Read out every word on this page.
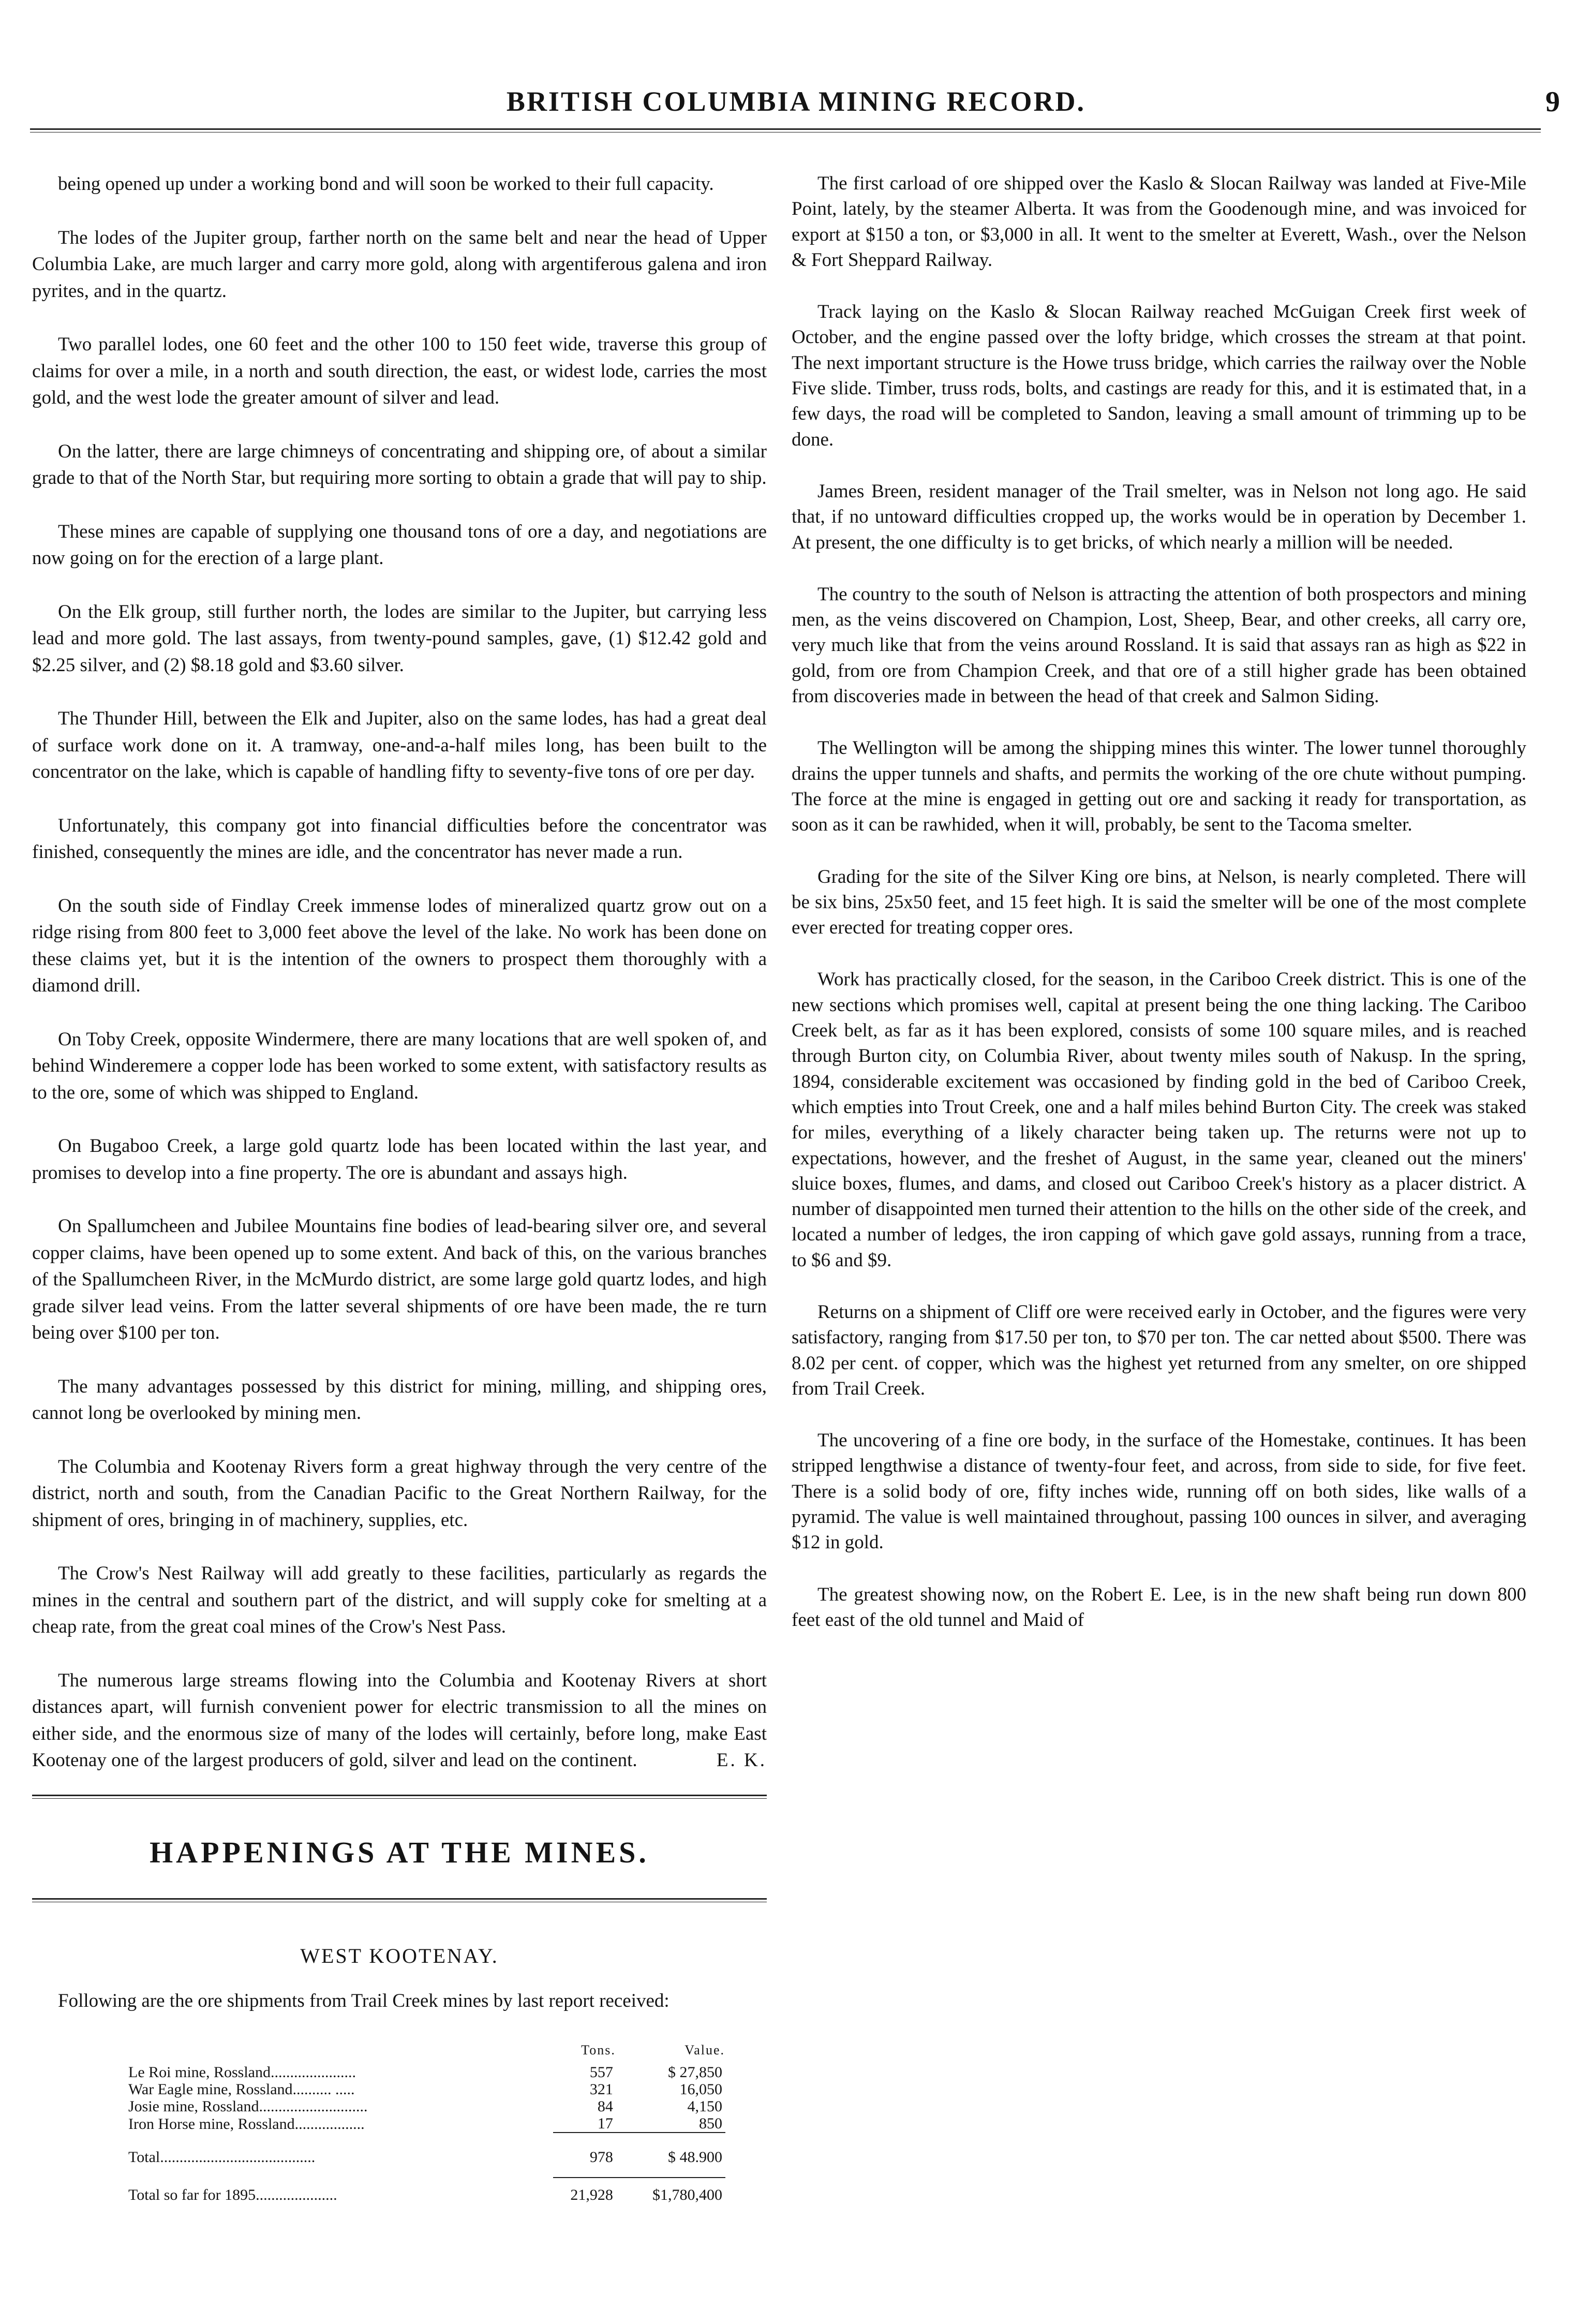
BRITISH COLUMBIA MINING RECORD.	9

being opened up under a working bond and will soon be worked to their full capacity.

The lodes of the Jupiter group, farther north on the same belt and near the head of Upper Columbia Lake, are much larger and carry more gold, along with argentiferous galena and iron pyrites, and in the quartz.

Two parallel lodes, one 60 feet and the other 100 to 150 feet wide, traverse this group of claims for over a mile, in a north and south direction, the east, or widest lode, carries the most gold, and the west lode the greater amount of silver and lead.

On the latter, there are large chimneys of concentrating and shipping ore, of about a similar grade to that of the North Star, but requiring more sorting to obtain a grade that will pay to ship.

These mines are capable of supplying one thousand tons of ore a day, and negotiations are now going on for the erection of a large plant.

On the Elk group, still further north, the lodes are similar to the Jupiter, but carrying less lead and more gold. The last assays, from twenty-pound samples, gave, (1) $12.42 gold and $2.25 silver, and (2) $8.18 gold and $3.60 silver.

The Thunder Hill, between the Elk and Jupiter, also on the same lodes, has had a great deal of surface work done on it. A tramway, one-and-a-half miles long, has been built to the concentrator on the lake, which is capable of handling fifty to seventy-five tons of ore per day.

Unfortunately, this company got into financial difficulties before the concentrator was finished, consequently the mines are idle, and the concentrator has never made a run.

On the south side of Findlay Creek immense lodes of mineralized quartz grow out on a ridge rising from 800 feet to 3,000 feet above the level of the lake. No work has been done on these claims yet, but it is the intention of the owners to prospect them thoroughly with a diamond drill.

On Toby Creek, opposite Windermere, there are many locations that are well spoken of, and behind Winderemere a copper lode has been worked to some extent, with satisfactory results as to the ore, some of which was shipped to England.

On Bugaboo Creek, a large gold quartz lode has been located within the last year, and promises to develop into a fine property. The ore is abundant and assays high.

On Spallumcheen and Jubilee Mountains fine bodies of lead-bearing silver ore, and several copper claims, have been opened up to some extent. And back of this, on the various branches of the Spallumcheen River, in the McMurdo district, are some large gold quartz lodes, and high grade silver lead veins. From the latter several shipments of ore have been made, the re turn being over $100 per ton.

The many advantages possessed by this district for mining, milling, and shipping ores, cannot long be overlooked by mining men.

The Columbia and Kootenay Rivers form a great highway through the very centre of the district, north and south, from the Canadian Pacific to the Great Northern Railway, for the shipment of ores, bringing in of machinery, supplies, etc.

The Crow's Nest Railway will add greatly to these facilities, particularly as regards the mines in the central and southern part of the district, and will supply coke for smelting at a cheap rate, from the great coal mines of the Crow's Nest Pass.

The numerous large streams flowing into the Columbia and Kootenay Rivers at short distances apart, will furnish convenient power for electric transmission to all the mines on either side, and the enormous size of many of the lodes will certainly, before long, make East Kootenay one of the largest producers of gold, silver and lead on the continent.	E. K.

HAPPENINGS AT THE MINES.
WEST KOOTENAY.

Following are the ore shipments from Trail Creek mines by last report received:

	Tons.	Value.
Le Roi mine, Rossland......................	557	$ 27,850
War Eagle mine, Rossland.......... .....	321	16,050
Josie mine, Rossland............................	84	4,150
Iron Horse mine, Rossland..................	17	850
Total........................................	978	$ 48.900
Total so far for 1895.....................	21,928	$1,780,400

The first carload of ore shipped over the Kaslo & Slocan Railway was landed at Five-Mile Point, lately, by the steamer Alberta. It was from the Goodenough mine, and was invoiced for export at $150 a ton, or $3,000 in all. It went to the smelter at Everett, Wash., over the Nelson & Fort Sheppard Railway.

Track laying on the Kaslo & Slocan Railway reached McGuigan Creek first week of October, and the engine passed over the lofty bridge, which crosses the stream at that point. The next important structure is the Howe truss bridge, which carries the railway over the Noble Five slide. Timber, truss rods, bolts, and castings are ready for this, and it is estimated that, in a few days, the road will be completed to Sandon, leaving a small amount of trimming up to be done.

James Breen, resident manager of the Trail smelter, was in Nelson not long ago. He said that, if no untoward difficulties cropped up, the works would be in operation by December 1. At present, the one difficulty is to get bricks, of which nearly a million will be needed.

The country to the south of Nelson is attracting the attention of both prospectors and mining men, as the veins discovered on Champion, Lost, Sheep, Bear, and other creeks, all carry ore, very much like that from the veins around Rossland. It is said that assays ran as high as $22 in gold, from ore from Champion Creek, and that ore of a still higher grade has been obtained from discoveries made in between the head of that creek and Salmon Siding.

The Wellington will be among the shipping mines this winter. The lower tunnel thoroughly drains the upper tunnels and shafts, and permits the working of the ore chute without pumping. The force at the mine is engaged in getting out ore and sacking it ready for transportation, as soon as it can be rawhided, when it will, probably, be sent to the Tacoma smelter.

Grading for the site of the Silver King ore bins, at Nelson, is nearly completed. There will be six bins, 25x50 feet, and 15 feet high. It is said the smelter will be one of the most complete ever erected for treating copper ores.

Work has practically closed, for the season, in the Cariboo Creek district. This is one of the new sections which promises well, capital at present being the one thing lacking. The Cariboo Creek belt, as far as it has been explored, consists of some 100 square miles, and is reached through Burton city, on Columbia River, about twenty miles south of Nakusp. In the spring, 1894, considerable excitement was occasioned by finding gold in the bed of Cariboo Creek, which empties into Trout Creek, one and a half miles behind Burton City. The creek was staked for miles, everything of a likely character being taken up. The returns were not up to expectations, however, and the freshet of August, in the same year, cleaned out the miners' sluice boxes, flumes, and dams, and closed out Cariboo Creek's history as a placer district. A number of disappointed men turned their attention to the hills on the other side of the creek, and located a number of ledges, the iron capping of which gave gold assays, running from a trace, to $6 and $9.

Returns on a shipment of Cliff ore were received early in October, and the figures were very satisfactory, ranging from $17.50 per ton, to $70 per ton. The car netted about $500. There was 8.02 per cent. of copper, which was the highest yet returned from any smelter, on ore shipped from Trail Creek.

The uncovering of a fine ore body, in the surface of the Homestake, continues. It has been stripped lengthwise a distance of twenty-four feet, and across, from side to side, for five feet. There is a solid body of ore, fifty inches wide, running off on both sides, like walls of a pyramid. The value is well maintained throughout, passing 100 ounces in silver, and averaging $12 in gold.

The greatest showing now, on the Robert E. Lee, is in the new shaft being run down 800 feet east of the old tunnel and Maid of
